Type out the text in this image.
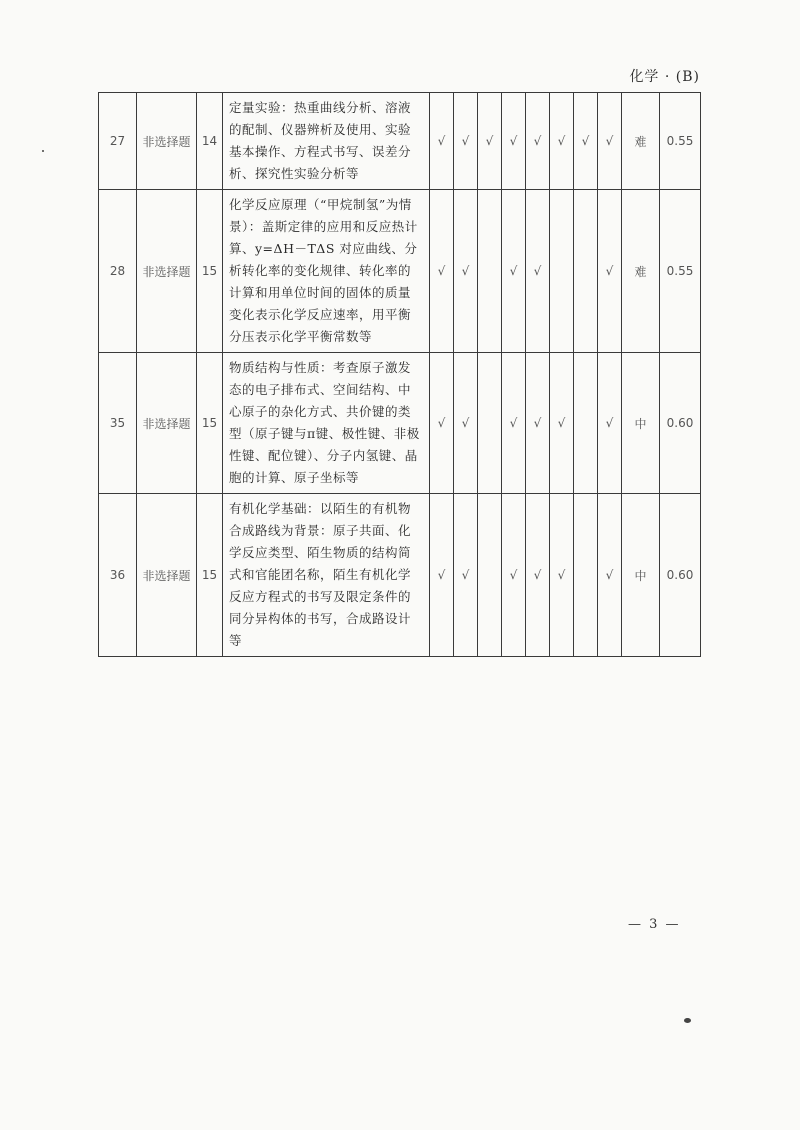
化学 · (B)
27	非选择题	14	定量实验：热重曲线分析、溶液的配制、仪器辨析及使用、实验基本操作、方程式书写、误差分析、探究性实验分析等	√	√	√	√	√	√	√	√	难	0.55
28	非选择题	15	化学反应原理（“甲烷制氢”为情景）：盖斯定律的应用和反应热计算、y=ΔH－TΔS 对应曲线、分析转化率的变化规律、转化率的计算和用单位时间的固体的质量变化表示化学反应速率，用平衡分压表示化学平衡常数等	√	√		√	√			√	难	0.55
35	非选择题	15	物质结构与性质：考查原子激发态的电子排布式、空间结构、中心原子的杂化方式、共价键的类型（原子键与π键、极性键、非极性键、配位键）、分子内氢键、晶胞的计算、原子坐标等	√	√		√	√	√		√	中	0.60
36	非选择题	15	有机化学基础：以陌生的有机物合成路线为背景：原子共面、化学反应类型、陌生物质的结构简式和官能团名称，陌生有机化学反应方程式的书写及限定条件的同分异构体的书写，合成路设计等	√	√		√	√	√		√	中	0.60
— 3 —
